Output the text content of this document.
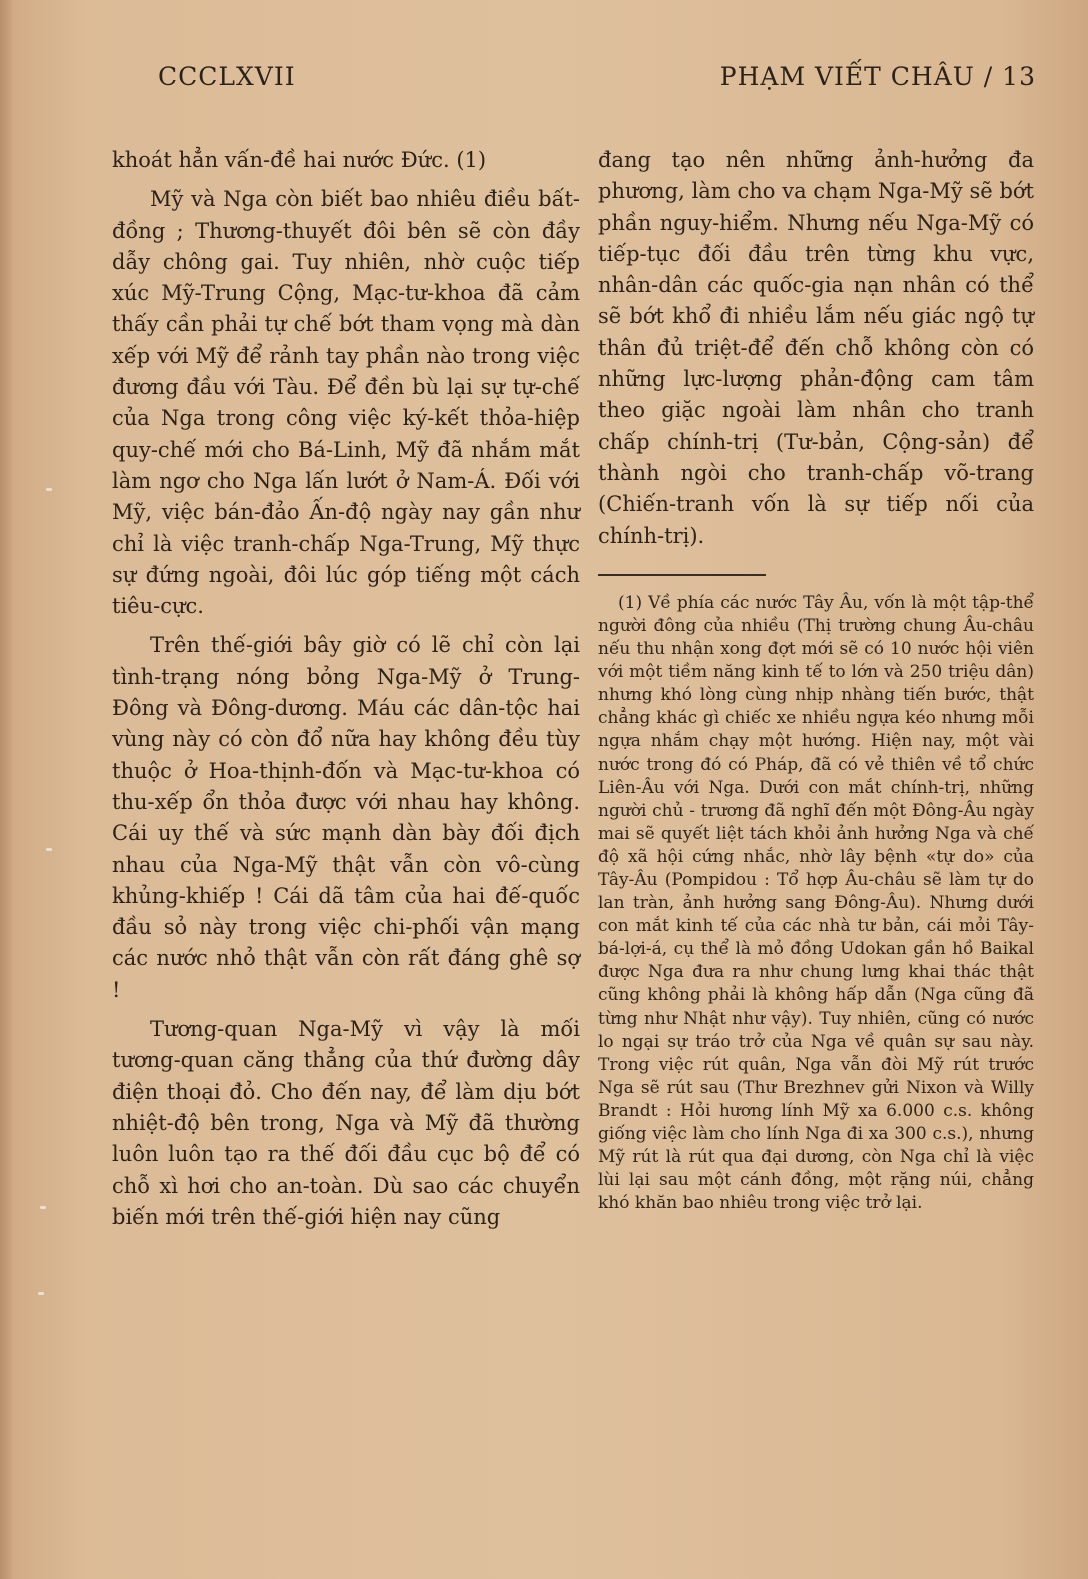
CCCLXVII	PHẠM VIẾT CHÂU / 13

khoát hẳn vấn-đề hai nước Đức. (1)

Mỹ và Nga còn biết bao nhiêu điều bất-đồng ; Thương-thuyết đôi bên sẽ còn đầy dẫy chông gai. Tuy nhiên, nhờ cuộc tiếp xúc Mỹ-Trung Cộng, Mạc-tư-khoa đã cảm thấy cần phải tự chế bớt tham vọng mà dàn xếp với Mỹ để rảnh tay phần nào trong việc đương đầu với Tàu. Để đền bù lại sự tự-chế của Nga trong công việc ký-kết thỏa-hiệp quy-chế mới cho Bá-Linh, Mỹ đã nhắm mắt làm ngơ cho Nga lấn lướt ở Nam-Á. Đối với Mỹ, việc bán-đảo Ấn-độ ngày nay gần như chỉ là việc tranh-chấp Nga-Trung, Mỹ thực sự đứng ngoài, đôi lúc góp tiếng một cách tiêu-cực.

Trên thế-giới bây giờ có lẽ chỉ còn lại tình-trạng nóng bỏng Nga-Mỹ ở Trung-Đông và Đông-dương. Máu các dân-tộc hai vùng này có còn đổ nữa hay không đều tùy thuộc ở Hoa-thịnh-đốn và Mạc-tư-khoa có thu-xếp ổn thỏa được với nhau hay không. Cái uy thế và sức mạnh dàn bày đối địch nhau của Nga-Mỹ thật vẫn còn vô-cùng khủng-khiếp ! Cái dã tâm của hai đế-quốc đầu sỏ này trong việc chi-phối vận mạng các nước nhỏ thật vẫn còn rất đáng ghê sợ !

Tương-quan Nga-Mỹ vì vậy là mối tương-quan căng thẳng của thứ đường dây điện thoại đỏ. Cho đến nay, để làm dịu bớt nhiệt-độ bên trong, Nga và Mỹ đã thường luôn luôn tạo ra thế đối đầu cục bộ để có chỗ xì hơi cho an-toàn. Dù sao các chuyển biến mới trên thế-giới hiện nay cũng

đang tạo nên những ảnh-hưởng đa phương, làm cho va chạm Nga-Mỹ sẽ bớt phần nguy-hiểm. Nhưng nếu Nga-Mỹ có tiếp-tục đối đầu trên từng khu vực, nhân-dân các quốc-gia nạn nhân có thể sẽ bớt khổ đi nhiều lắm nếu giác ngộ tự thân đủ triệt-để đến chỗ không còn có những lực-lượng phản-động cam tâm theo giặc ngoài làm nhân cho tranh chấp chính-trị (Tư-bản, Cộng-sản) để thành ngòi cho tranh-chấp võ-trang (Chiến-tranh vốn là sự tiếp nối của chính-trị).

(1) Về phía các nước Tây Âu, vốn là một tập-thể người đông của nhiều (Thị trường chung Âu-châu nếu thu nhận xong đợt mới sẽ có 10 nước hội viên với một tiềm năng kinh tế to lớn và 250 triệu dân) nhưng khó lòng cùng nhịp nhàng tiến bước, thật chẳng khác gì chiếc xe nhiều ngựa kéo nhưng mỗi ngựa nhắm chạy một hướng. Hiện nay, một vài nước trong đó có Pháp, đã có vẻ thiên về tổ chức Liên-Âu với Nga. Dưới con mắt chính-trị, những người chủ - trương đã nghĩ đến một Đông-Âu ngày mai sẽ quyết liệt tách khỏi ảnh hưởng Nga và chế độ xã hội cứng nhắc, nhờ lây bệnh «tự do» của Tây-Âu (Pompidou : Tổ hợp Âu-châu sẽ làm tự do lan tràn, ảnh hưởng sang Đông-Âu). Nhưng dưới con mắt kinh tế của các nhà tư bản, cái mỏi Tây-bá-lợi-á, cụ thể là mỏ đồng Udokan gần hồ Baikal được Nga đưa ra như chung lưng khai thác thật cũng không phải là không hấp dẫn (Nga cũng đã từng như Nhật như vậy). Tuy nhiên, cũng có nước lo ngại sự tráo trở của Nga về quân sự sau này. Trong việc rút quân, Nga vẫn đòi Mỹ rút trước Nga sẽ rút sau (Thư Brezhnev gửi Nixon và Willy Brandt : Hỏi hương lính Mỹ xa 6.000 c.s. không giống việc làm cho lính Nga đi xa 300 c.s.), nhưng Mỹ rút là rút qua đại dương, còn Nga chỉ là việc lùi lại sau một cánh đồng, một rặng núi, chẳng khó khăn bao nhiêu trong việc trở lại.
